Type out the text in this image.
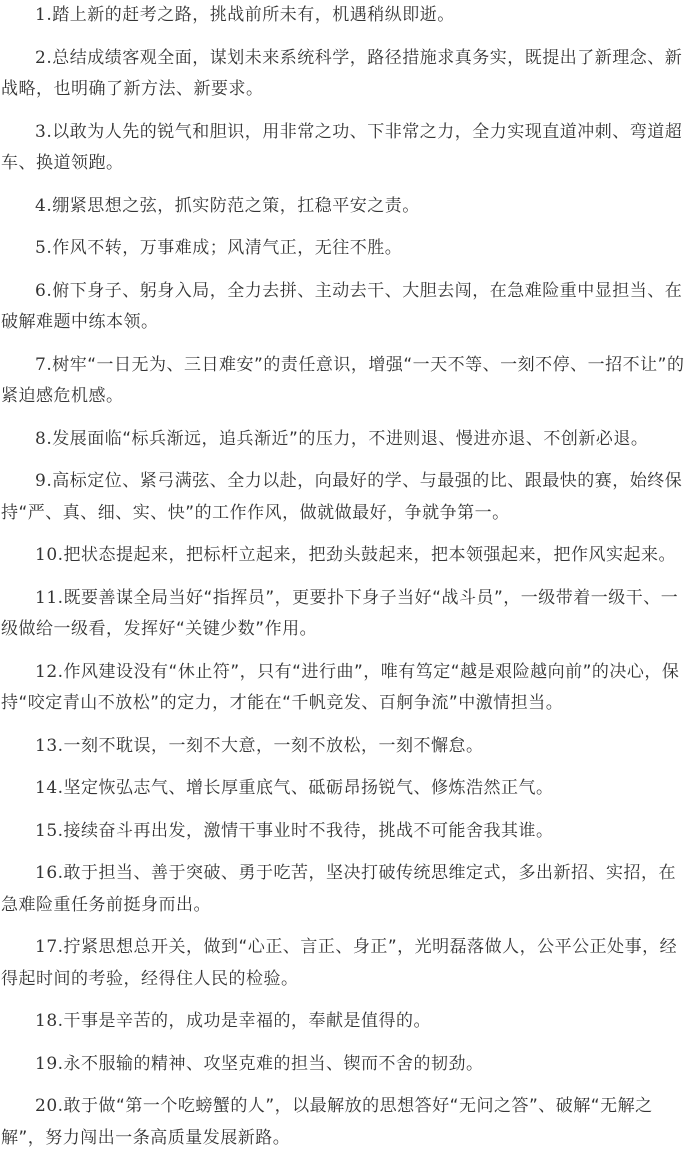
1.踏上新的赶考之路，挑战前所未有，机遇稍纵即逝。

2.总结成绩客观全面，谋划未来系统科学，路径措施求真务实，既提出了新理念、新战略，也明确了新方法、新要求。

3.以敢为人先的锐气和胆识，用非常之功、下非常之力，全力实现直道冲刺、弯道超车、换道领跑。

4.绷紧思想之弦，抓实防范之策，扛稳平安之责。

5.作风不转，万事难成；风清气正，无往不胜。

6.俯下身子、躬身入局，全力去拼、主动去干、大胆去闯，在急难险重中显担当、在破解难题中练本领。

7.树牢“一日无为、三日难安”的责任意识，增强“一天不等、一刻不停、一招不让”的紧迫感危机感。

8.发展面临“标兵渐远，追兵渐近”的压力，不进则退、慢进亦退、不创新必退。

9.高标定位、紧弓满弦、全力以赴，向最好的学、与最强的比、跟最快的赛，始终保持“严、真、细、实、快”的工作作风，做就做最好，争就争第一。

10.把状态提起来，把标杆立起来，把劲头鼓起来，把本领强起来，把作风实起来。

11.既要善谋全局当好“指挥员”，更要扑下身子当好“战斗员”，一级带着一级干、一级做给一级看，发挥好“关键少数”作用。

12.作风建设没有“休止符”，只有“进行曲”，唯有笃定“越是艰险越向前”的决心，保持“咬定青山不放松”的定力，才能在“千帆竞发、百舸争流”中激情担当。

13.一刻不耽误，一刻不大意，一刻不放松，一刻不懈怠。

14.坚定恢弘志气、增长厚重底气、砥砺昂扬锐气、修炼浩然正气。

15.接续奋斗再出发，激情干事业时不我待，挑战不可能舍我其谁。

16.敢于担当、善于突破、勇于吃苦，坚决打破传统思维定式，多出新招、实招，在急难险重任务前挺身而出。

17.拧紧思想总开关，做到“心正、言正、身正”，光明磊落做人，公平公正处事，经得起时间的考验，经得住人民的检验。

18.干事是辛苦的，成功是幸福的，奉献是值得的。

19.永不服输的精神、攻坚克难的担当、锲而不舍的韧劲。

20.敢于做“第一个吃螃蟹的人”，以最解放的思想答好“无问之答”、破解“无解之解”，努力闯出一条高质量发展新路。
